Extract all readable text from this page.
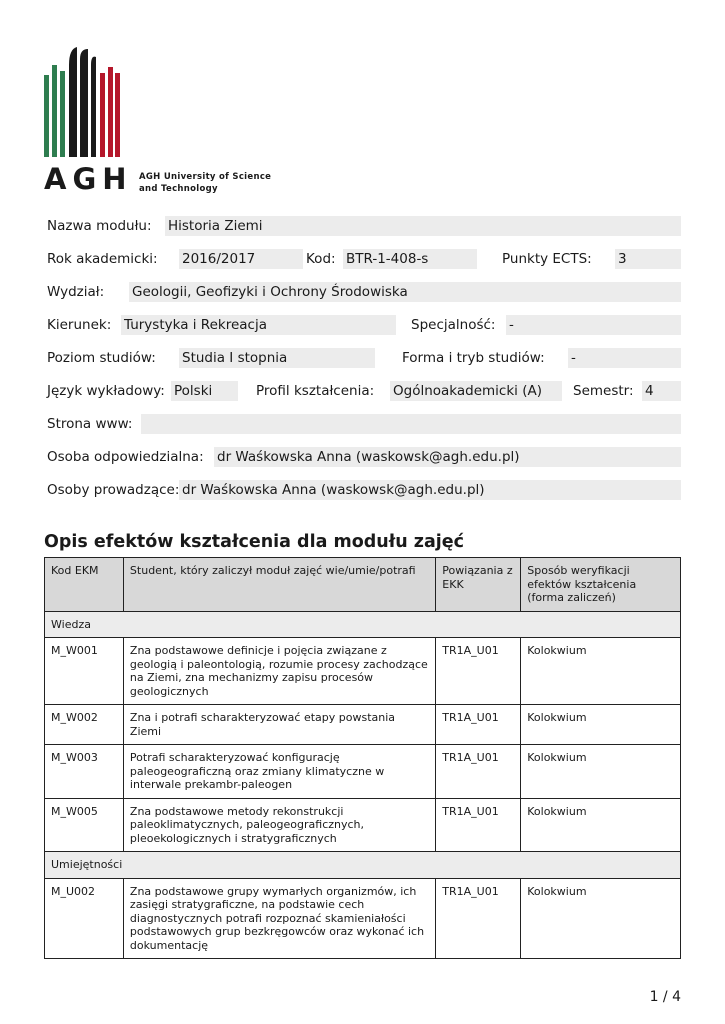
AGH AGH University of Science
and Technology
Nazwa modułu: Historia Ziemi
Rok akademicki: 2016/2017	Kod: BTR-1-408-s	Punkty ECTS: 3
Wydział: Geologii, Geofizyki i Ochrony Środowiska
Kierunek: Turystyka i Rekreacja	Specjalność: -
Poziom studiów: Studia I stopnia	Forma i tryb studiów: -
Język wykładowy: Polski	Profil kształcenia: Ogólnoakademicki (A)	Semestr: 4
Strona www:
Osoba odpowiedzialna: dr Waśkowska Anna (waskowsk@agh.edu.pl)
Osoby prowadzące: dr Waśkowska Anna (waskowsk@agh.edu.pl)
Opis efektów kształcenia dla modułu zajęć
Kod EKM	Student, który zaliczył moduł zajęć wie/umie/potrafi	Powiązania z EKK	Sposób weryfikacji efektów kształcenia (forma zaliczeń)
Wiedza			
M_W001	Zna podstawowe definicje i pojęcia związane z geologią i paleontologią, rozumie procesy zachodzące na Ziemi, zna mechanizmy zapisu procesów geologicznych	TR1A_U01	Kolokwium
M_W002	Zna i potrafi scharakteryzować etapy powstania Ziemi	TR1A_U01	Kolokwium
M_W003	Potrafi scharakteryzować konfigurację paleogeograficzną oraz zmiany klimatyczne w interwale prekambr-paleogen	TR1A_U01	Kolokwium
M_W005	Zna podstawowe metody rekonstrukcji paleoklimatycznych, paleogeograficznych, pleoekologicznych i stratygraficznych	TR1A_U01	Kolokwium
Umiejętności			
M_U002	Zna podstawowe grupy wymarłych organizmów, ich zasięgi stratygraficzne, na podstawie cech diagnostycznych potrafi rozpoznać skamieniałości podstawowych grup bezkręgowców oraz wykonać ich dokumentację	TR1A_U01	Kolokwium
1 / 4
